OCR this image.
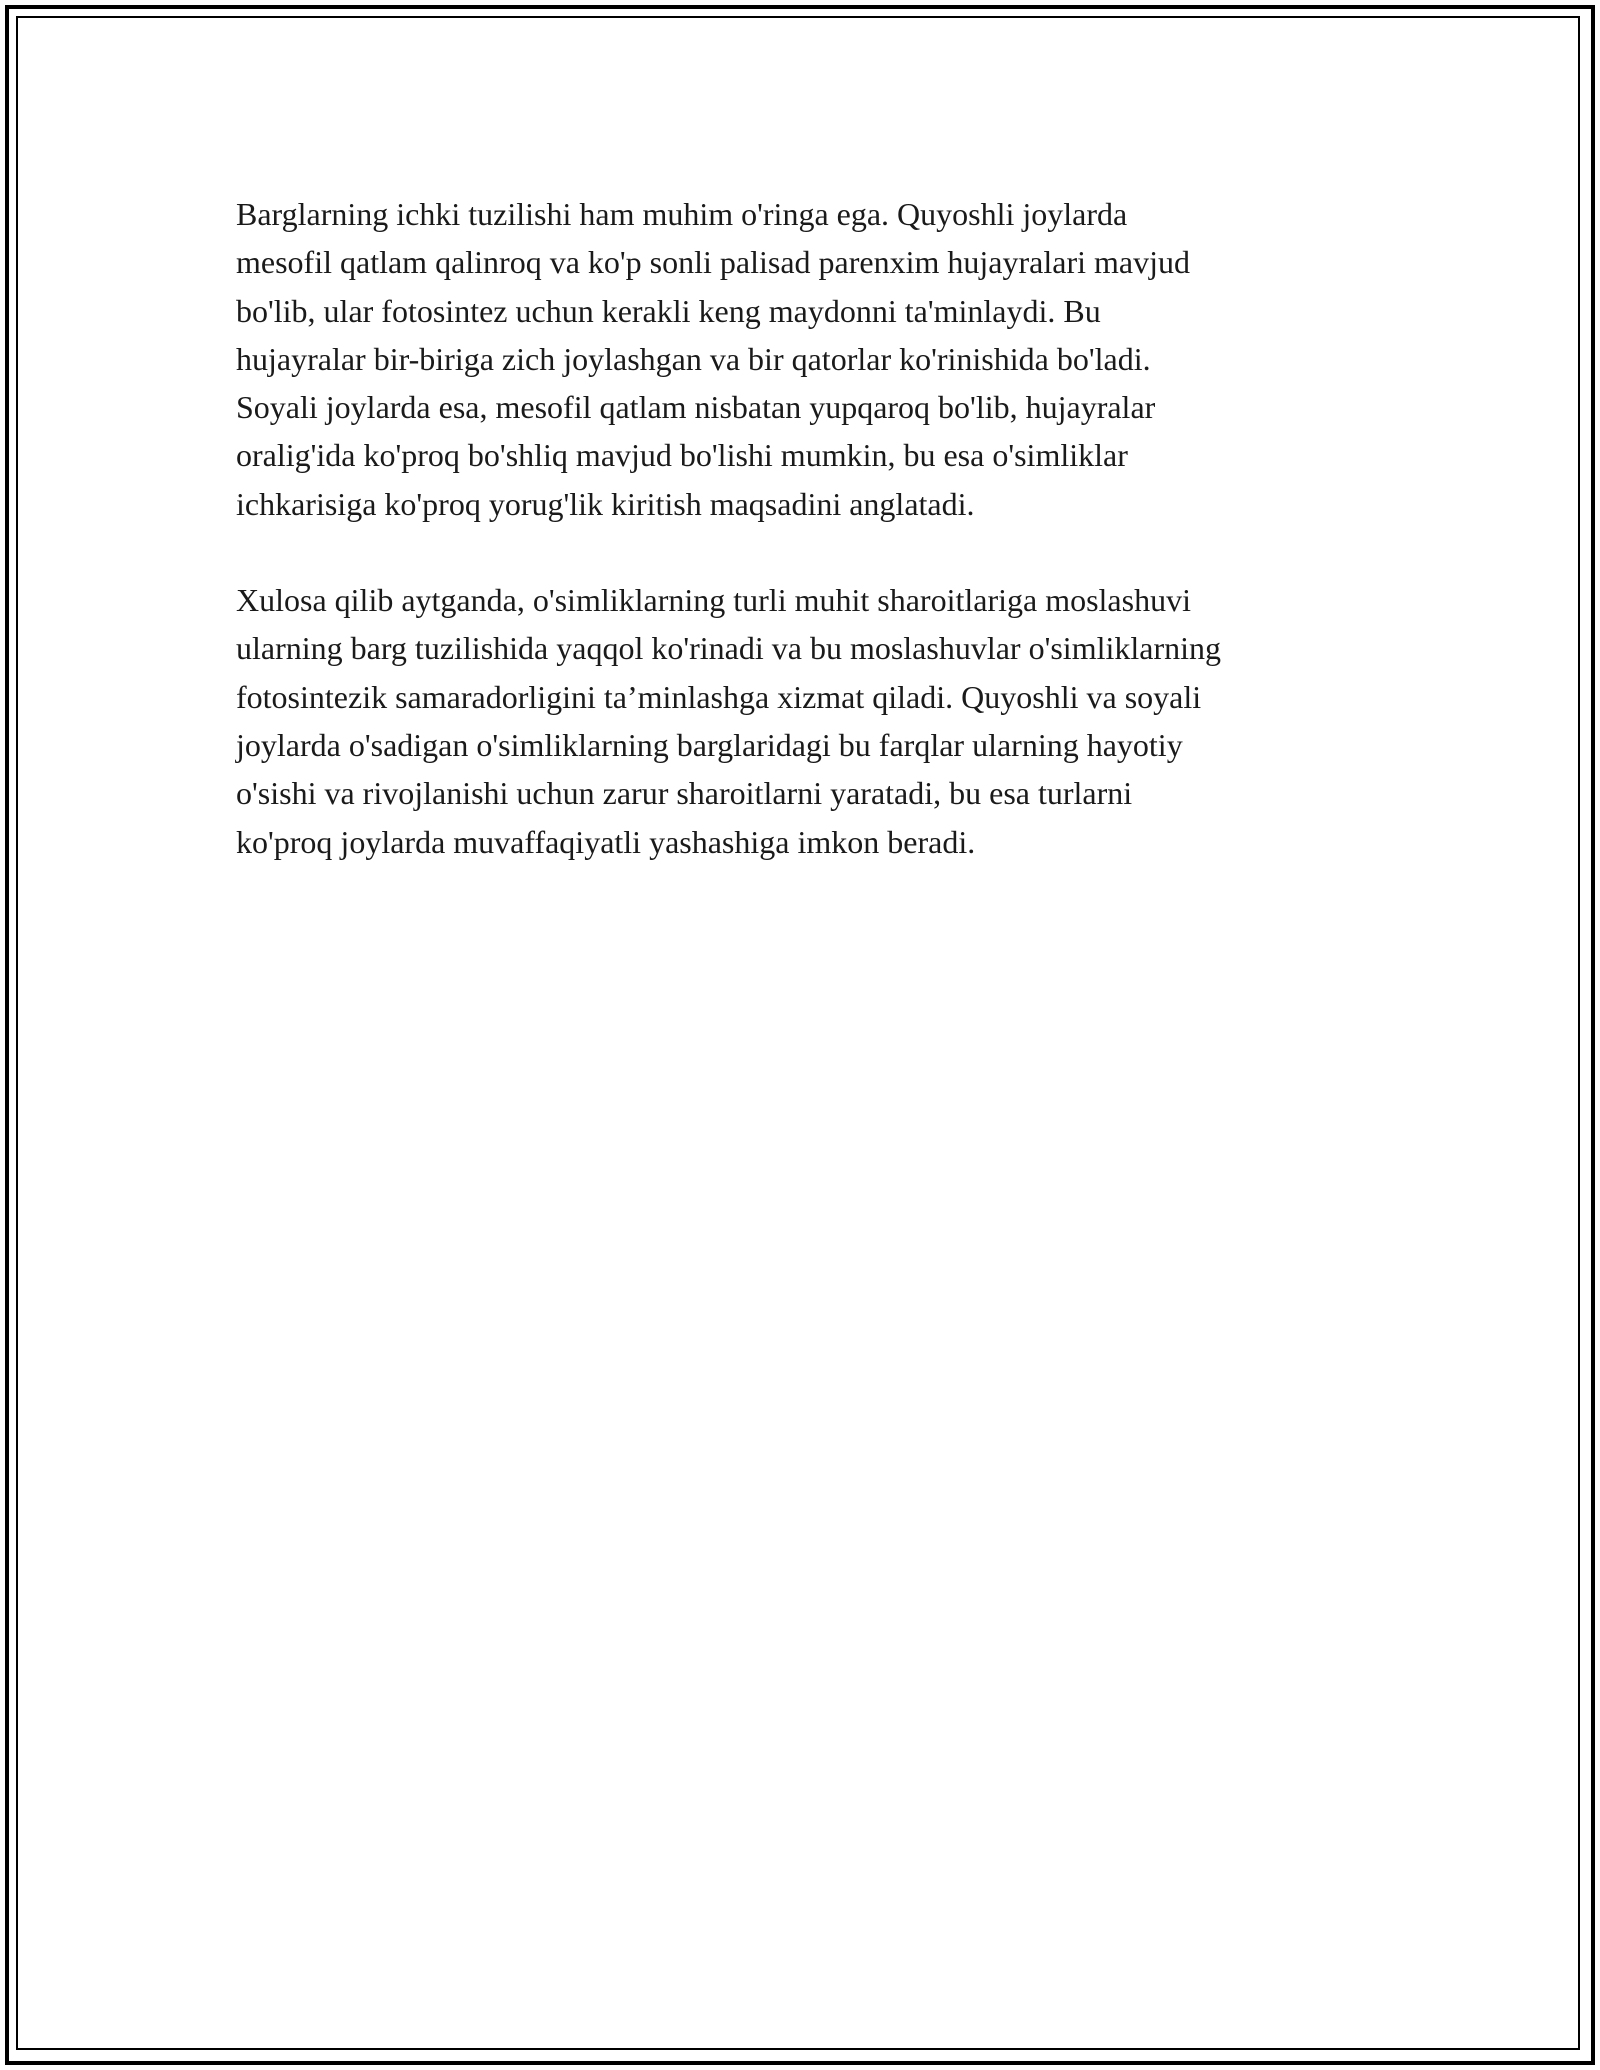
Barglarning ichki tuzilishi ham muhim o'ringa ega. Quyoshli joylarda
mesofil qatlam qalinroq va ko'p sonli palisad parenxim hujayralari mavjud
bo'lib, ular fotosintez uchun kerakli keng maydonni ta'minlaydi. Bu
hujayralar bir-biriga zich joylashgan va bir qatorlar ko'rinishida bo'ladi.
Soyali joylarda esa, mesofil qatlam nisbatan yupqaroq bo'lib, hujayralar
oralig'ida ko'proq bo'shliq mavjud bo'lishi mumkin, bu esa o'simliklar
ichkarisiga ko'proq yorug'lik kiritish maqsadini anglatadi.

Xulosa qilib aytganda, o'simliklarning turli muhit sharoitlariga moslashuvi
ularning barg tuzilishida yaqqol ko'rinadi va bu moslashuvlar o'simliklarning
fotosintezik samaradorligini ta’minlashga xizmat qiladi. Quyoshli va soyali
joylarda o'sadigan o'simliklarning barglaridagi bu farqlar ularning hayotiy
o'sishi va rivojlanishi uchun zarur sharoitlarni yaratadi, bu esa turlarni
ko'proq joylarda muvaffaqiyatli yashashiga imkon beradi.
